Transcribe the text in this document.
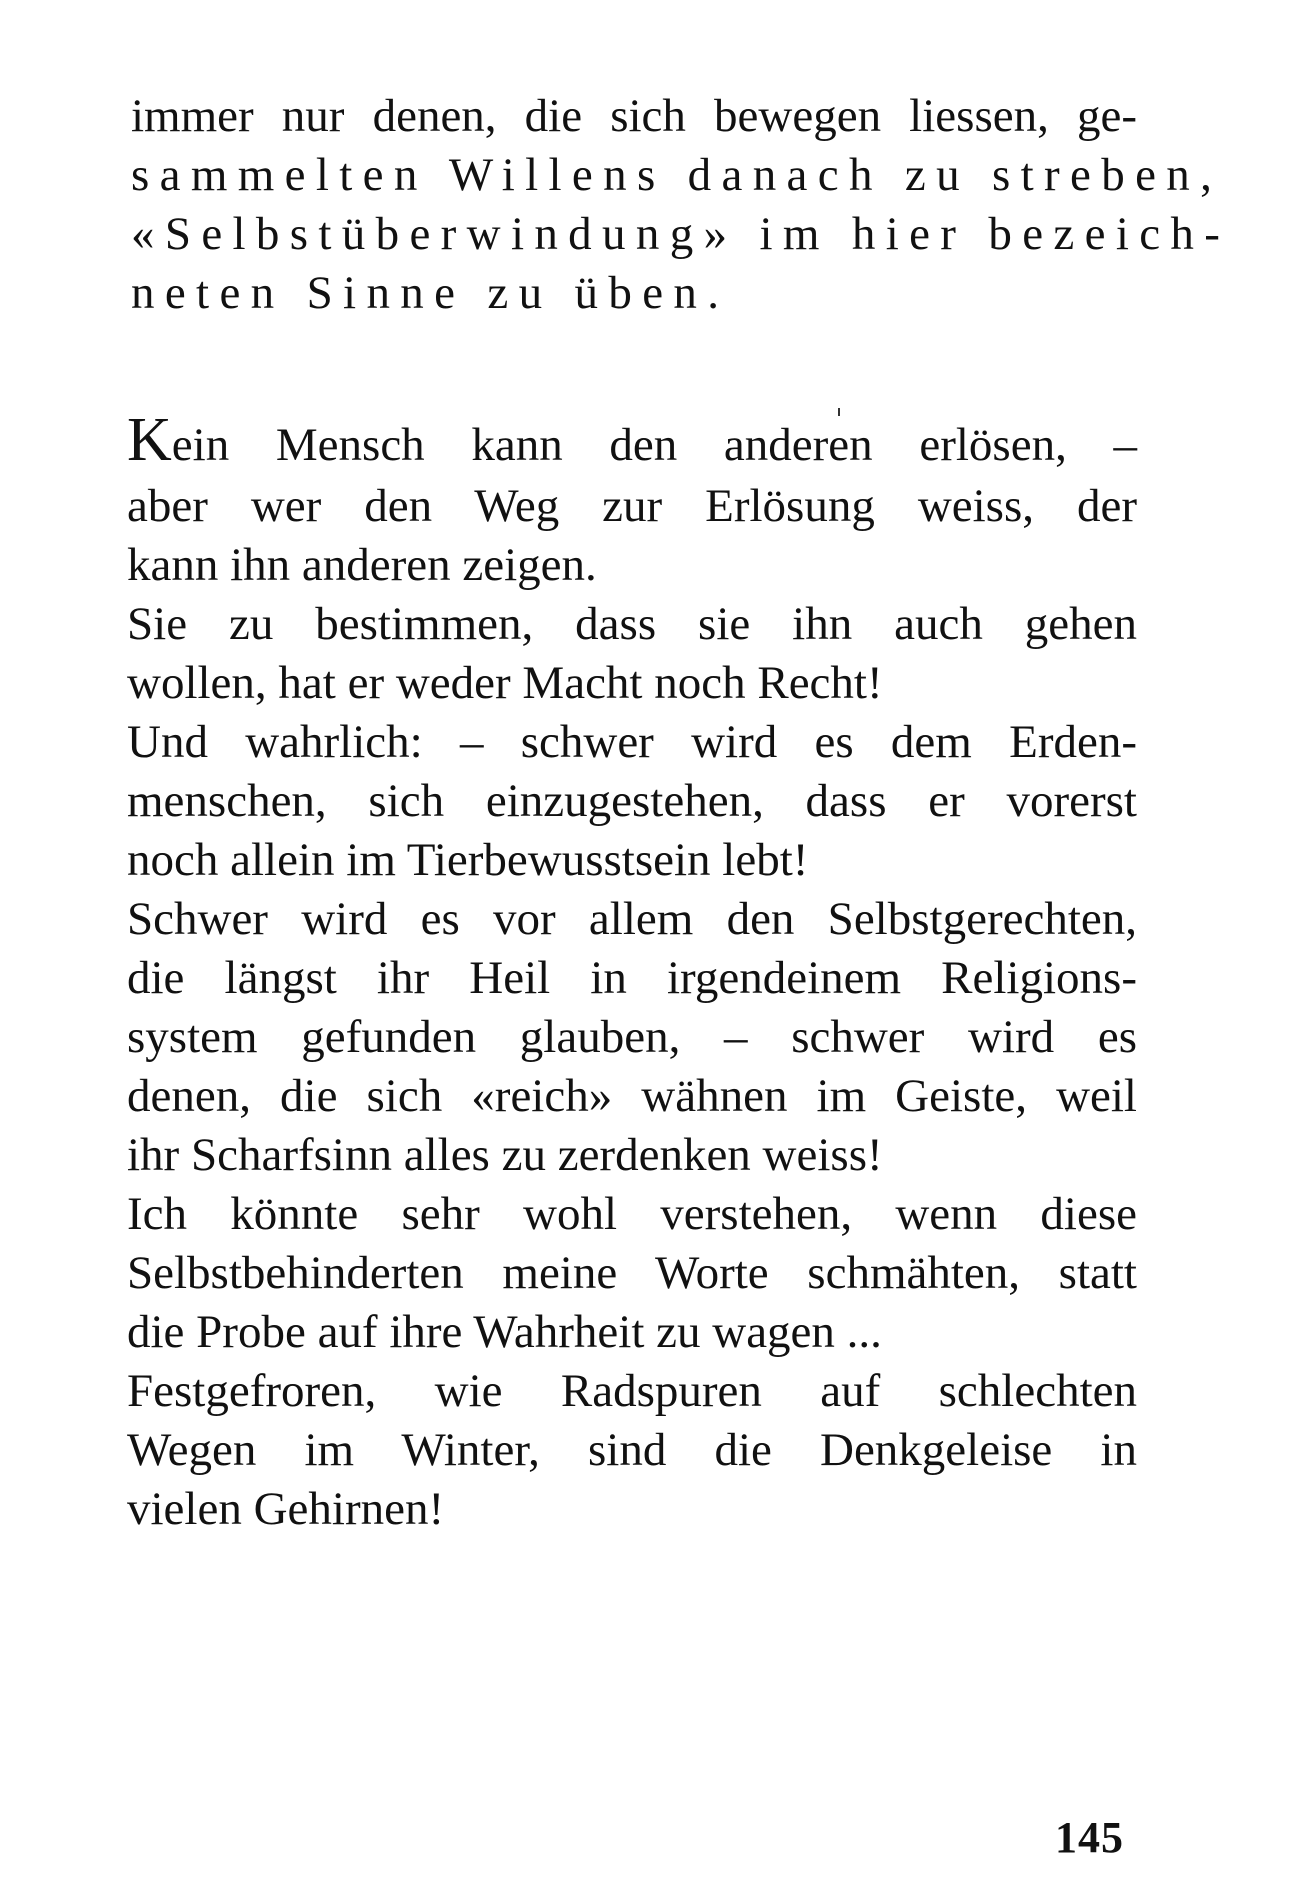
immer nur denen, die sich bewegen liessen, ge-
sammelten Willens danach zu streben,
«Selbstüberwindung» im hier bezeich-
neten Sinne zu üben.
Kein Mensch kann den anderen erlösen, –
aber wer den Weg zur Erlösung weiss, der
kann ihn anderen zeigen.
Sie zu bestimmen, dass sie ihn auch gehen
wollen, hat er weder Macht noch Recht!
Und wahrlich: – schwer wird es dem Erden-
menschen, sich einzugestehen, dass er vorerst
noch allein im Tierbewusstsein lebt!
Schwer wird es vor allem den Selbstgerechten,
die längst ihr Heil in irgendeinem Religions-
system gefunden glauben, – schwer wird es
denen, die sich «reich» wähnen im Geiste, weil
ihr Scharfsinn alles zu zerdenken weiss!
Ich könnte sehr wohl verstehen, wenn diese
Selbstbehinderten meine Worte schmähten, statt
die Probe auf ihre Wahrheit zu wagen ...
Festgefroren, wie Radspuren auf schlechten
Wegen im Winter, sind die Denkgeleise in
vielen Gehirnen!
145
